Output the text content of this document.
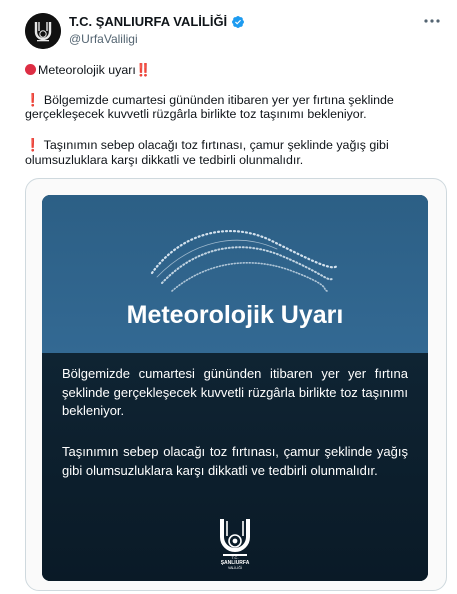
T.C. ŞANLIURFA VALİLİĞİ
@UrfaValiligi
Meteorolojik uyarı‼️
❗ Bölgemizde cumartesi gününden itibaren yer yer fırtına şeklinde
gerçekleşecek kuvvetli rüzgârla birlikte toz taşınımı bekleniyor.
❗ Taşınımın sebep olacağı toz fırtınası, çamur şeklinde yağış gibi
olumsuzluklara karşı dikkatli ve tedbirli olunmalıdır.
Meteorolojik Uyarı
Bölgemizde cumartesi gününden itibaren yer yer fırtına şeklinde gerçekleşecek kuvvetli rüzgârla birlikte toz taşınımı bekleniyor.
Taşınımın sebep olacağı toz fırtınası, çamur şeklinde yağış gibi olumsuzluklara karşı dikkatli ve tedbirli olunmalıdır.
T.C.
ŞANLIURFA
VALİLİĞİ
